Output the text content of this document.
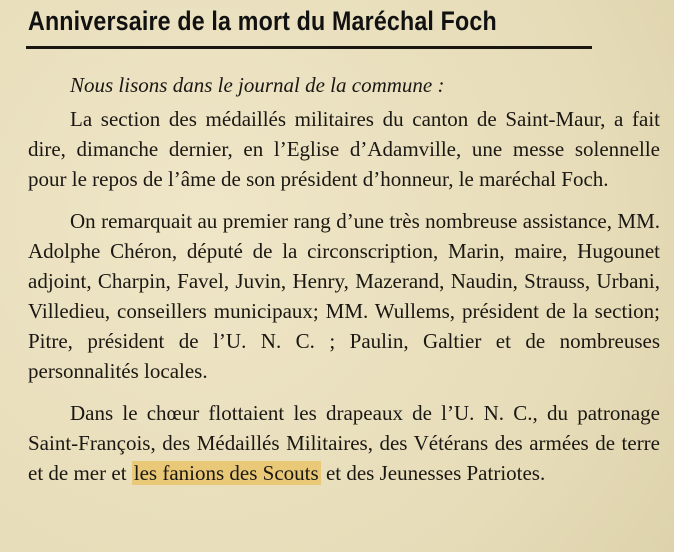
Anniversaire de la mort du Maréchal Foch

Nous lisons dans le journal de la commune :

La section des médaillés militaires du canton de Saint-Maur, a fait dire, dimanche dernier, en l’Eglise d’Adamville, une messe solennelle pour le repos de l’âme de son président d’honneur, le maréchal Foch.

On remarquait au premier rang d’une très nombreuse assistance, MM. Adolphe Chéron, député de la circonscription, Marin, maire, Hugounet adjoint, Charpin, Favel, Juvin, Henry, Mazerand, Naudin, Strauss, Urbani, Villedieu, conseillers municipaux; MM. Wullems, président de la section; Pitre, président de l’U. N. C. ; Paulin, Galtier et de nombreuses personnalités locales.

Dans le chœur flottaient les drapeaux de l’U. N. C., du patronage Saint-François, des Médaillés Militaires, des Vétérans des armées de terre et de mer et les fanions des Scouts et des Jeunesses Patriotes.
